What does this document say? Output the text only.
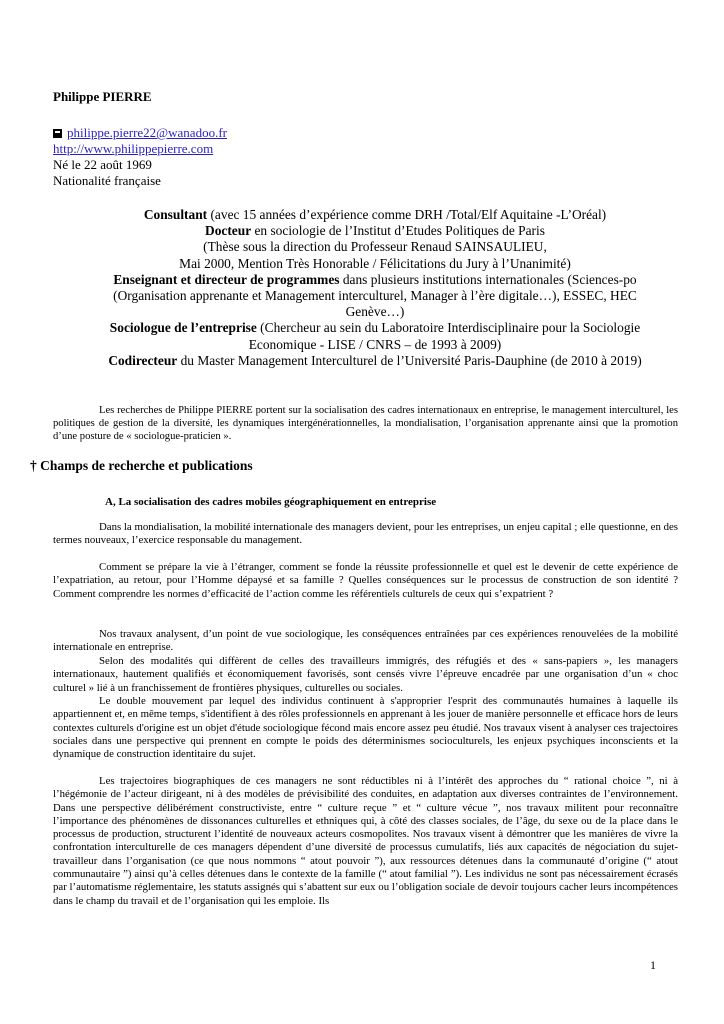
Philippe PIERRE
philippe.pierre22@wanadoo.fr
http://www.philippepierre.com
Né le 22 août 1969
Nationalité française
Consultant (avec 15 années d’expérience comme DRH /Total/Elf Aquitaine -L’Oréal)
Docteur en sociologie de l’Institut d’Etudes Politiques de Paris
(Thèse sous la direction du Professeur Renaud SAINSAULIEU,
Mai 2000, Mention Très Honorable / Félicitations du Jury à l’Unanimité)
Enseignant et directeur de programmes dans plusieurs institutions internationales (Sciences-po (Organisation apprenante et Management interculturel, Manager à l’ère digitale…), ESSEC, HEC Genève…)
Sociologue de l’entreprise (Chercheur au sein du Laboratoire Interdisciplinaire pour la Sociologie Economique - LISE / CNRS – de 1993 à 2009)
Codirecteur du Master Management Interculturel de l’Université Paris-Dauphine (de 2010 à 2019)
Les recherches de Philippe PIERRE portent sur la socialisation des cadres internationaux en entreprise, le management interculturel, les politiques de gestion de la diversité, les dynamiques intergénérationnelles, la mondialisation, l’organisation apprenante ainsi que la promotion d’une posture de « sociologue-praticien ».
† Champs de recherche et publications
A, La socialisation des cadres mobiles géographiquement en entreprise

Dans la mondialisation, la mobilité internationale des managers devient, pour les entreprises, un enjeu capital ; elle questionne, en des termes nouveaux, l’exercice responsable du management.

Comment se prépare la vie à l’étranger, comment se fonde la réussite professionnelle et quel est le devenir de cette expérience de l’expatriation, au retour, pour l’Homme dépaysé et sa famille ? Quelles conséquences sur le processus de construction de son identité ? Comment comprendre les normes d’efficacité de l’action comme les référentiels culturels de ceux qui s’expatrient ?

Nos travaux analysent, d’un point de vue sociologique, les conséquences entraînées par ces expériences renouvelées de la mobilité internationale en entreprise.

Selon des modalités qui diffèrent de celles des travailleurs immigrés, des réfugiés et des « sans-papiers », les managers internationaux, hautement qualifiés et économiquement favorisés, sont censés vivre l’épreuve encadrée par une organisation d’un « choc culturel » lié à un franchissement de frontières physiques, culturelles ou sociales.

Le double mouvement par lequel des individus continuent à s'approprier l'esprit des communautés humaines à laquelle ils appartiennent et, en même temps, s'identifient à des rôles professionnels en apprenant à les jouer de manière personnelle et efficace hors de leurs contextes culturels d'origine est un objet d'étude sociologique fécond mais encore assez peu étudié. Nos travaux visent à analyser ces trajectoires sociales dans une perspective qui prennent en compte le poids des déterminismes socioculturels, les enjeux psychiques inconscients et la dynamique de construction identitaire du sujet.

Les trajectoires biographiques de ces managers ne sont réductibles ni à l’intérêt des approches du “ rational choice ”, ni à l’hégémonie de l’acteur dirigeant, ni à des modèles de prévisibilité des conduites, en adaptation aux diverses contraintes de l’environnement. Dans une perspective délibérément constructiviste, entre “ culture reçue ” et “ culture vécue ”, nos travaux militent pour reconnaître l’importance des phénomènes de dissonances culturelles et ethniques qui, à côté des classes sociales, de l’âge, du sexe ou de la place dans le processus de production, structurent l’identité de nouveaux acteurs cosmopolites. Nos travaux visent à démontrer que les manières de vivre la confrontation interculturelle de ces managers dépendent d’une diversité de processus cumulatifs, liés aux capacités de négociation du sujet-travailleur dans l’organisation (ce que nous nommons “ atout pouvoir ”), aux ressources détenues dans la communauté d’origine (“ atout communautaire ”) ainsi qu’à celles détenues dans le contexte de la famille (“ atout familial ”). Les individus ne sont pas nécessairement écrasés par l’automatisme réglementaire, les statuts assignés qui s’abattent sur eux ou l’obligation sociale de devoir toujours cacher leurs incompétences dans le champ du travail et de l’organisation qui les emploie. Ils

1
